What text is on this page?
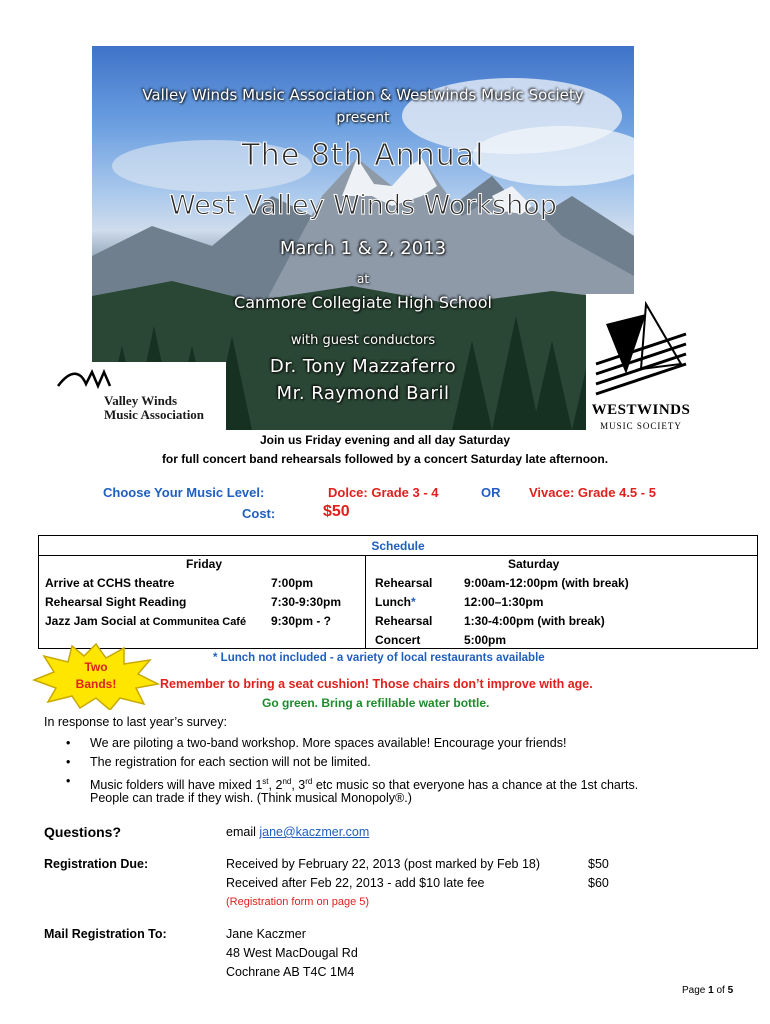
Valley Winds Music Association & Westwinds Music Society
present
The 8th Annual
West Valley Winds Workshop
March 1 & 2, 2013
at
Canmore Collegiate High School
with guest conductors
Dr. Tony Mazzaferro
Mr. Raymond Baril
Valley Winds
Music Association	WESTWINDS
MUSIC SOCIETY
Join us Friday evening and all day Saturday
for full concert band rehearsals followed by a concert Saturday late afternoon.
Choose Your Music Level:	Dolce: Grade 3 - 4	OR Vivace: Grade 4.5 - 5
Cost:	$50
Schedule
Friday	Saturday
Arrive at CCHS theatre	7:00pm
Rehearsal Sight Reading	7:30-9:30pm
Jazz Jam Social at Communitea Café 9:30pm - ?
Rehearsal	9:00am-12:00pm (with break)
Lunch*	12:00–1:30pm
Rehearsal	1:30-4:00pm (with break)
Concert	5:00pm
* Lunch not included - a variety of local restaurants available
Two
Bands!	Remember to bring a seat cushion! Those chairs don’t improve with age.
Go green. Bring a refillable water bottle.
In response to last year’s survey:
• We are piloting a two-band workshop. More spaces available! Encourage your friends!
• The registration for each section will not be limited.
• Music folders will have mixed 1st, 2nd, 3rd etc music so that everyone has a chance at the 1st charts.
People can trade if they wish. (Think musical Monopoly®.)
Questions?	email jane@kaczmer.com
Registration Due:	Received by February 22, 2013 (post marked by Feb 18)	$50
Received after Feb 22, 2013 - add $10 late fee	$60
(Registration form on page 5)
Mail Registration To:	Jane Kaczmer
48 West MacDougal Rd
Cochrane AB T4C 1M4
Page 1 of 5
